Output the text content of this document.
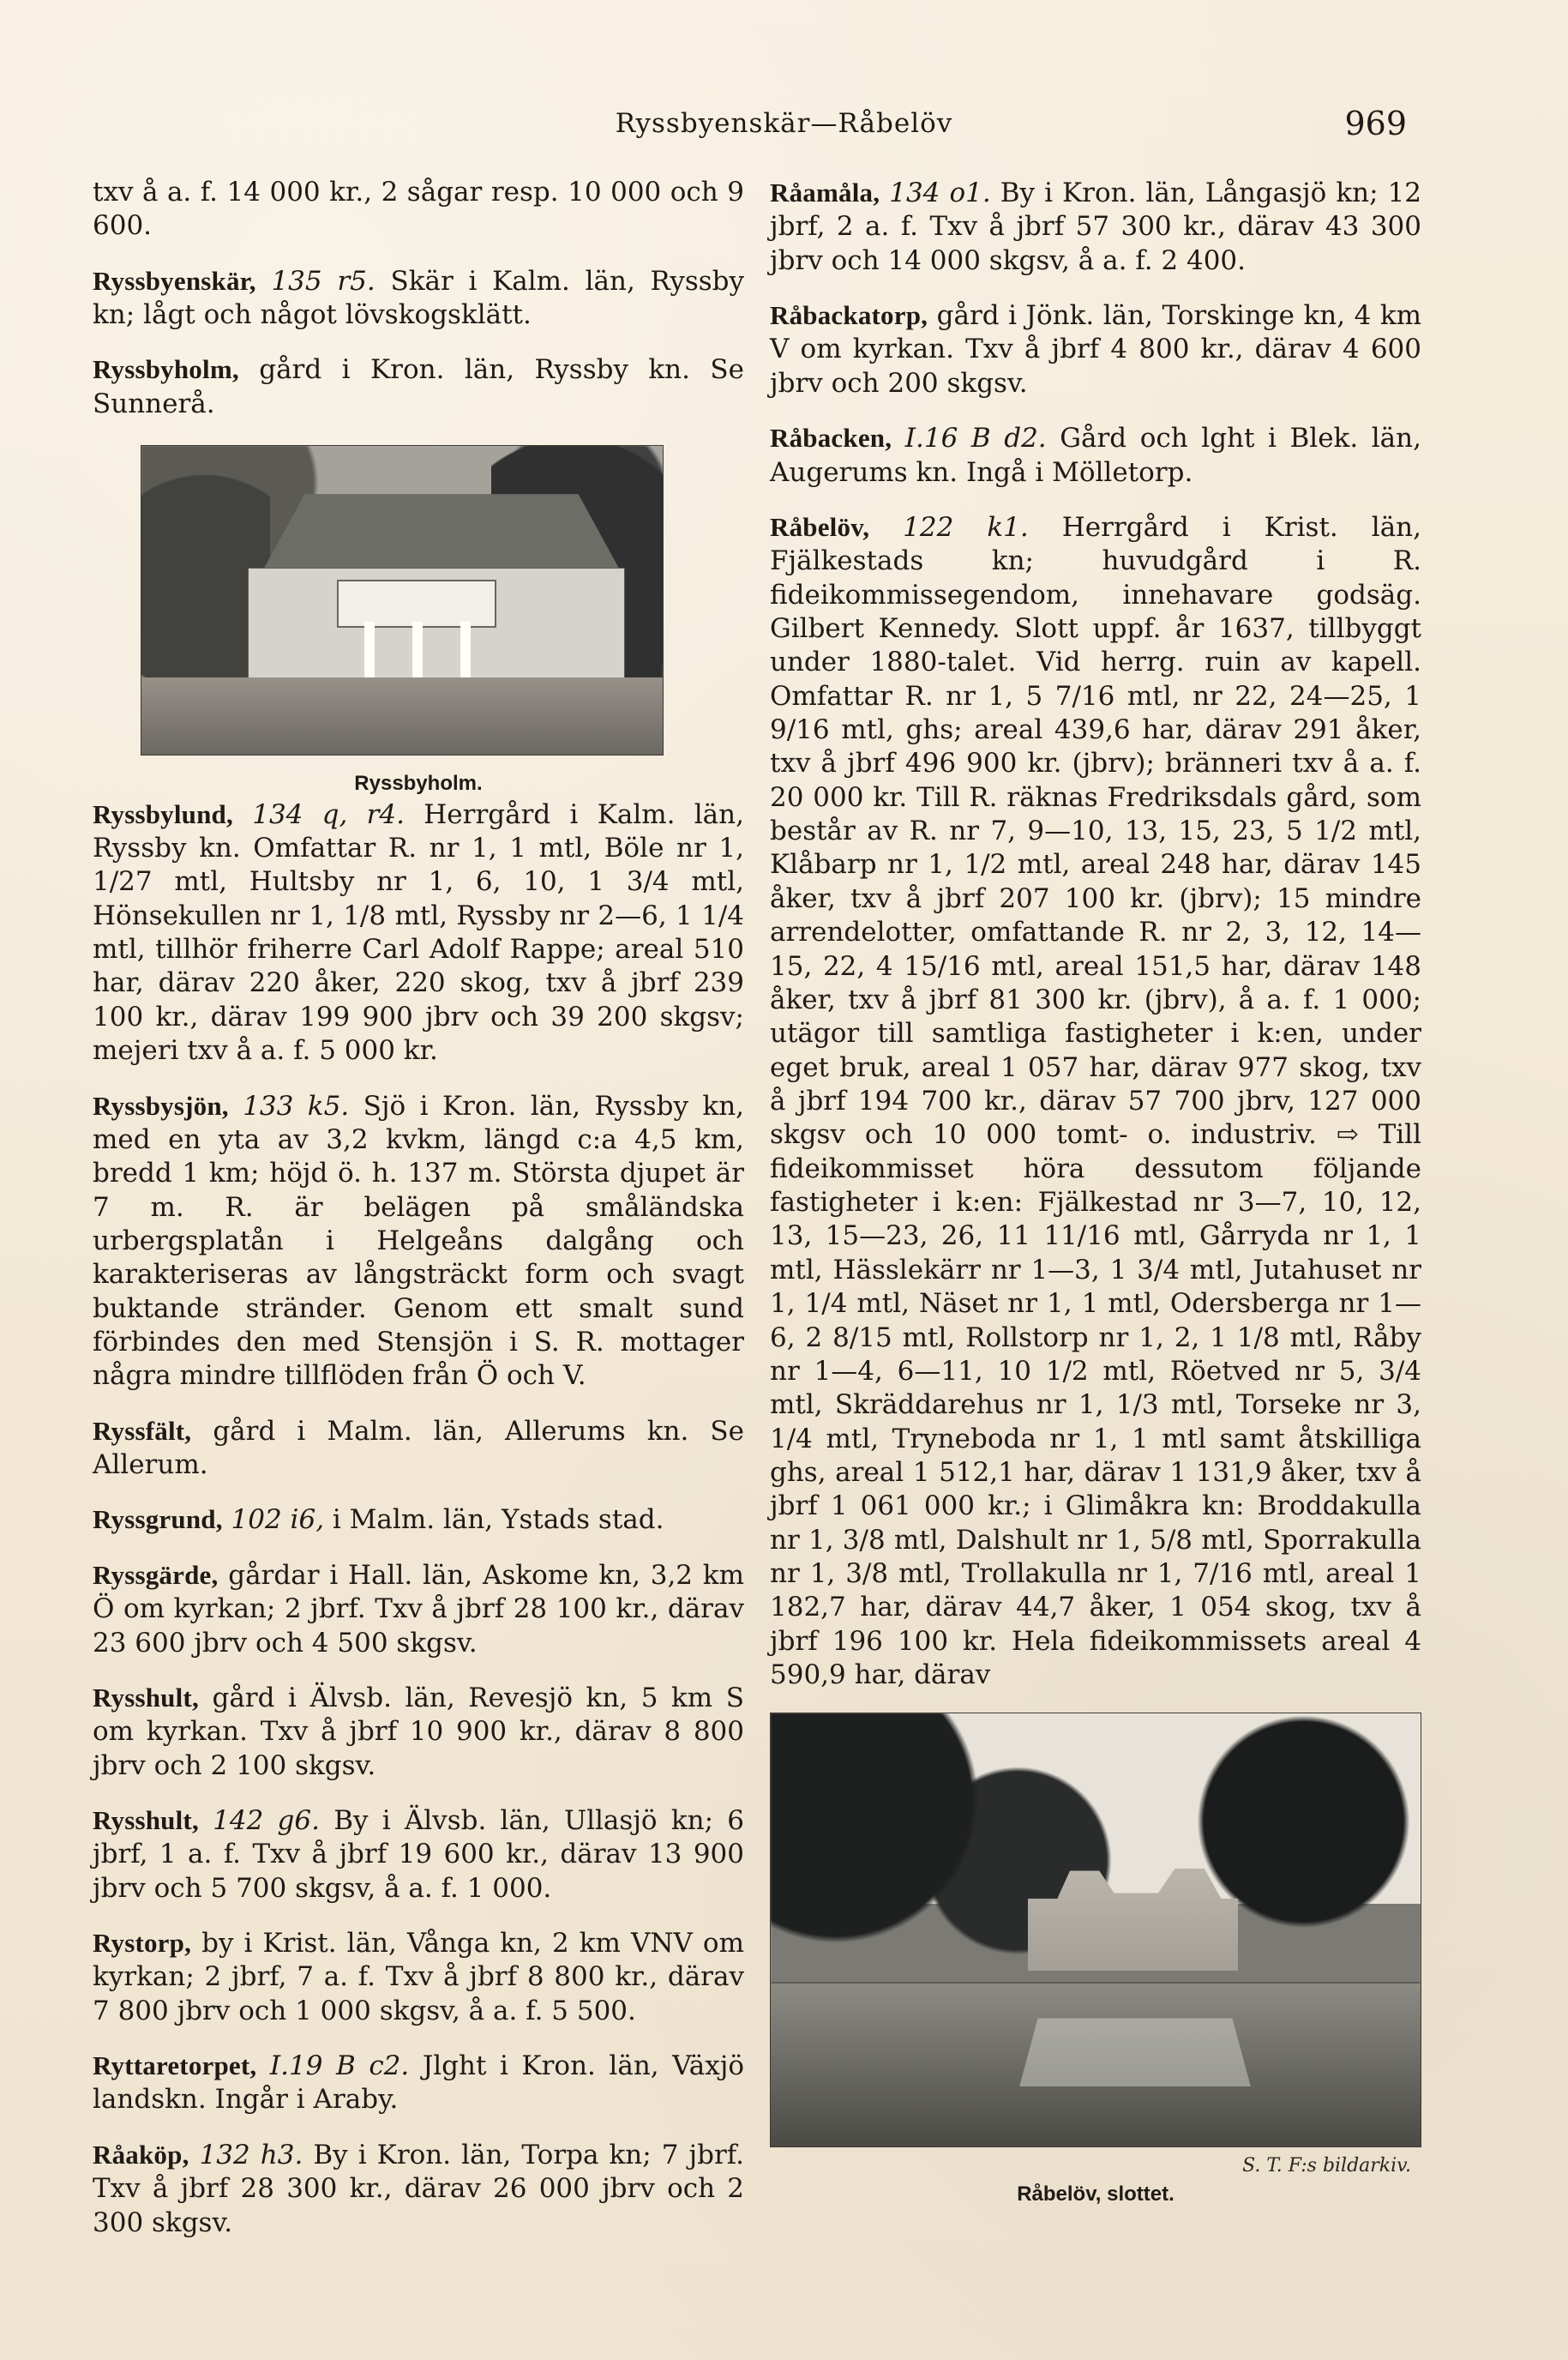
Ryssbyenskär—Råbelöv	969

txv å a. f. 14 000 kr., 2 sågar resp. 10 000 och 9 600.

Ryssbyenskär, 135 r5. Skär i Kalm. län, Ryssby kn; lågt och något lövskogsklätt.

Ryssbyholm, gård i Kron. län, Ryssby kn. Se Sunnerå.

Ryssbyholm.

Ryssbylund, 134 q, r4. Herrgård i Kalm. län, Ryssby kn. Omfattar R. nr 1, 1 mtl, Böle nr 1, 1/27 mtl, Hultsby nr 1, 6, 10, 1 3/4 mtl, Hönsekullen nr 1, 1/8 mtl, Ryssby nr 2—6, 1 1/4 mtl, tillhör friherre Carl Adolf Rappe; areal 510 har, därav 220 åker, 220 skog, txv å jbrf 239 100 kr., därav 199 900 jbrv och 39 200 skgsv; mejeri txv å a. f. 5 000 kr.

Ryssbysjön, 133 k5. Sjö i Kron. län, Ryssby kn, med en yta av 3,2 kvkm, längd c:a 4,5 km, bredd 1 km; höjd ö. h. 137 m. Största djupet är 7 m. R. är belägen på småländska urbergsplatån i Helgeåns dalgång och karakteriseras av långsträckt form och svagt buktande stränder. Genom ett smalt sund förbindes den med Stensjön i S. R. mottager några mindre tillflöden från Ö och V.

Ryssfält, gård i Malm. län, Allerums kn. Se Allerum.

Ryssgrund, 102 i6, i Malm. län, Ystads stad.

Ryssgärde, gårdar i Hall. län, Askome kn, 3,2 km Ö om kyrkan; 2 jbrf. Txv å jbrf 28 100 kr., därav 23 600 jbrv och 4 500 skgsv.

Rysshult, gård i Älvsb. län, Revesjö kn, 5 km S om kyrkan. Txv å jbrf 10 900 kr., därav 8 800 jbrv och 2 100 skgsv.

Rysshult, 142 g6. By i Älvsb. län, Ullasjö kn; 6 jbrf, 1 a. f. Txv å jbrf 19 600 kr., därav 13 900 jbrv och 5 700 skgsv, å a. f. 1 000.

Rystorp, by i Krist. län, Vånga kn, 2 km VNV om kyrkan; 2 jbrf, 7 a. f. Txv å jbrf 8 800 kr., därav 7 800 jbrv och 1 000 skgsv, å a. f. 5 500.

Ryttaretorpet, I.19 B c2. Jlght i Kron. län, Växjö landskn. Ingår i Araby.

Råaköp, 132 h3. By i Kron. län, Torpa kn; 7 jbrf. Txv å jbrf 28 300 kr., därav 26 000 jbrv och 2 300 skgsv.

Råamåla, 134 o1. By i Kron. län, Långasjö kn; 12 jbrf, 2 a. f. Txv å jbrf 57 300 kr., därav 43 300 jbrv och 14 000 skgsv, å a. f. 2 400.

Råbackatorp, gård i Jönk. län, Torskinge kn, 4 km V om kyrkan. Txv å jbrf 4 800 kr., därav 4 600 jbrv och 200 skgsv.

Råbacken, I.16 B d2. Gård och lght i Blek. län, Augerums kn. Ingå i Mölletorp.

Råbelöv, 122 k1. Herrgård i Krist. län, Fjälkestads kn; huvudgård i R. fideikommissegendom, innehavare godsäg. Gilbert Kennedy. Slott uppf. år 1637, tillbyggt under 1880-talet. Vid herrg. ruin av kapell. Omfattar R. nr 1, 5 7/16 mtl, nr 22, 24—25, 1 9/16 mtl, ghs; areal 439,6 har, därav 291 åker, txv å jbrf 496 900 kr. (jbrv); bränneri txv å a. f. 20 000 kr. Till R. räknas Fredriksdals gård, som består av R. nr 7, 9—10, 13, 15, 23, 5 1/2 mtl, Klåbarp nr 1, 1/2 mtl, areal 248 har, därav 145 åker, txv å jbrf 207 100 kr. (jbrv); 15 mindre arrendelotter, omfattande R. nr 2, 3, 12, 14—15, 22, 4 15/16 mtl, areal 151,5 har, därav 148 åker, txv å jbrf 81 300 kr. (jbrv), å a. f. 1 000; utägor till samtliga fastigheter i k:en, under eget bruk, areal 1 057 har, därav 977 skog, txv å jbrf 194 700 kr., därav 57 700 jbrv, 127 000 skgsv och 10 000 tomt- o. industriv. ⇨ Till fideikommisset höra dessutom följande fastigheter i k:en: Fjälkestad nr 3—7, 10, 12, 13, 15—23, 26, 11 11/16 mtl, Gårryda nr 1, 1 mtl, Hässlekärr nr 1—3, 1 3/4 mtl, Jutahuset nr 1, 1/4 mtl, Näset nr 1, 1 mtl, Odersberga nr 1—6, 2 8/15 mtl, Rollstorp nr 1, 2, 1 1/8 mtl, Råby nr 1—4, 6—11, 10 1/2 mtl, Röetved nr 5, 3/4 mtl, Skräddarehus nr 1, 1/3 mtl, Torseke nr 3, 1/4 mtl, Tryneboda nr 1, 1 mtl samt åtskilliga ghs, areal 1 512,1 har, därav 1 131,9 åker, txv å jbrf 1 061 000 kr.; i Glimåkra kn: Broddakulla nr 1, 3/8 mtl, Dalshult nr 1, 5/8 mtl, Sporrakulla nr 1, 3/8 mtl, Trollakulla nr 1, 7/16 mtl, areal 1 182,7 har, därav 44,7 åker, 1 054 skog, txv å jbrf 196 100 kr. Hela fideikommissets areal 4 590,9 har, därav

S. T. F:s bildarkiv.
Råbelöv, slottet.
